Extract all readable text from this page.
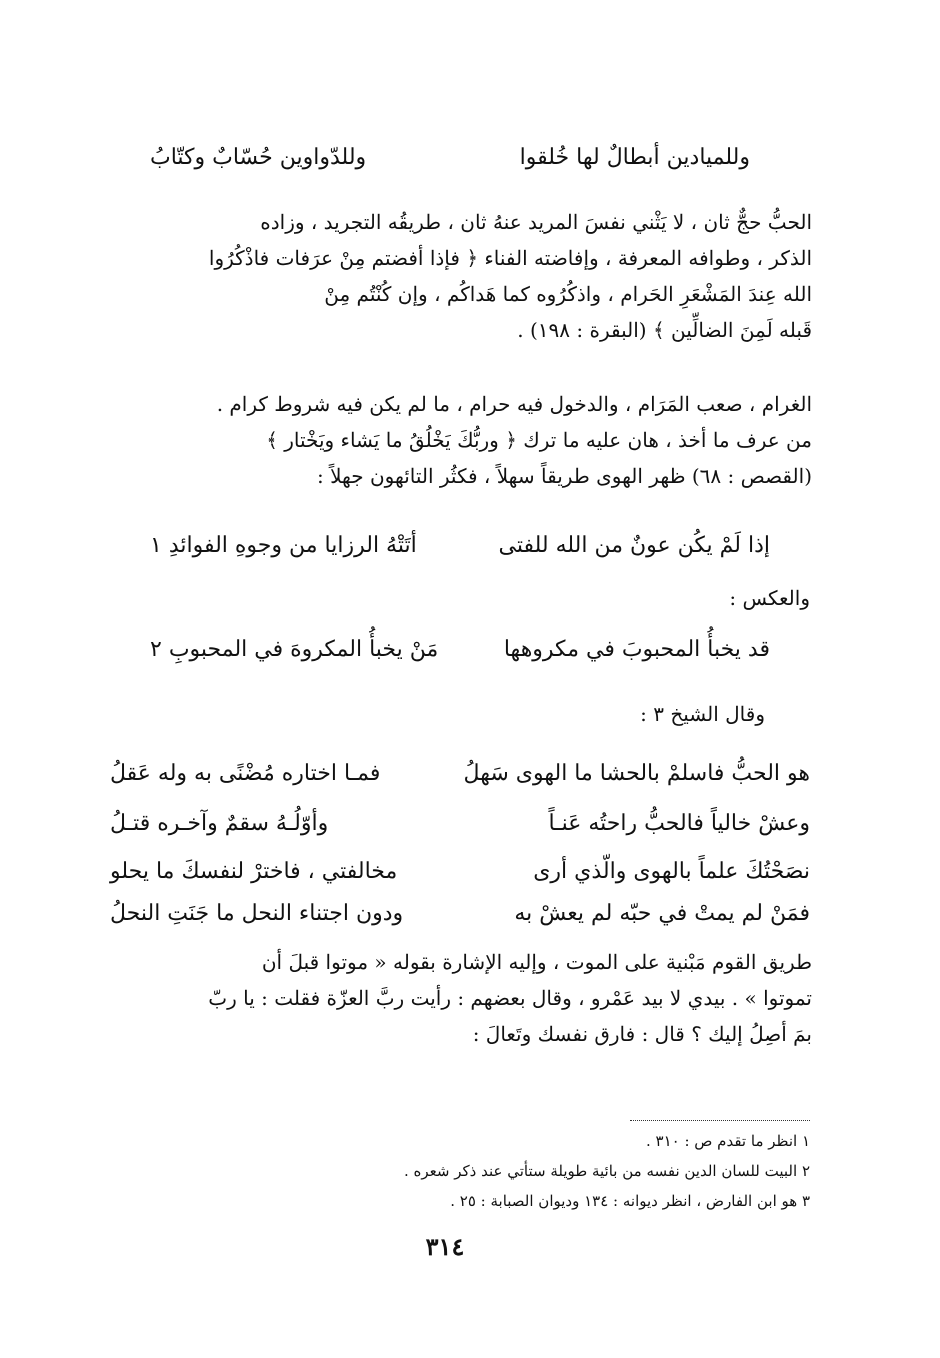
وللميادين أبطالٌ لها خُلقوا
وللدّواوين حُسّابٌ وكتّابُ
الحبُّ حجٌّ ثان ، لا يَثْني نفسَ المريد عنهُ ثان ، طريقُه التجريد ، وزاده
الذكر ، وطوافه المعرفة ، وإفاضته الفناء ﴿ فإذا أفضتم مِنْ عرَفات فاذْكُرُوا
الله عِندَ المَشْعَرِ الحَرام ، واذكُرُوه كما هَداكُم ، وإن كُنْتُم مِنْ
قَبله لَمِنَ الضالِّين ﴾ (البقرة : ١٩٨) .
الغرام ، صعب المَرَام ، والدخول فيه حرام ، ما لم يكن فيه شروط كرام .
من عرف ما أخذ ، هان عليه ما ترك ﴿ وربُّكَ يَخْلُقُ ما يَشاء ويَخْتار ﴾
(القصص : ٦٨) ظهر الهوى طريقاً سهلاً ، فكثُر التائهون جهلاً :
إذا لَمْ يكُن عونٌ من الله للفتى
أتَتْهُ الرزايا من وجوهِ الفوائدِ ١
والعكس :
قد يخبأُ المحبوبَ في مكروهها
مَنْ يخبأُ المكروهَ في المحبوبِ ٢
وقال الشيخ ٣ :
هو الحبُّ فاسلمْ بالحشا ما الهوى سَهلُ
فمـا اختاره مُضْنًى به وله عَقلُ
وعشْ خالياً فالحبُّ راحتُه عَنـاً
وأوّلُـهُ سقمٌ وآخـره قتـلُ
نصَحْتُكَ علماً بالهوى والّذي أرى
مخالفتي ، فاخترْ لنفسكَ ما يحلو
فمَنْ لم يمتْ في حبّه لم يعشْ به
ودون اجتناء النحل ما جَنَتِ النحلُ
طريق القوم مَبْنية على الموت ، وإليه الإشارة بقوله « موتوا قبلَ أن
تموتوا » . بيدي لا بيد عَمْرو ، وقال بعضهم : رأيت ربَّ العزّة فقلت : يا ربّ
بمَ أصِلُ إليك ؟ قال : فارق نفسك وتَعالَ :
١ انظر ما تقدم ص : ٣١٠ .
٢ البيت للسان الدين نفسه من بائية طويلة ستأتي عند ذكر شعره .
٣ هو ابن الفارض ، انظر ديوانه : ١٣٤ وديوان الصبابة : ٢٥ .
٣١٤
